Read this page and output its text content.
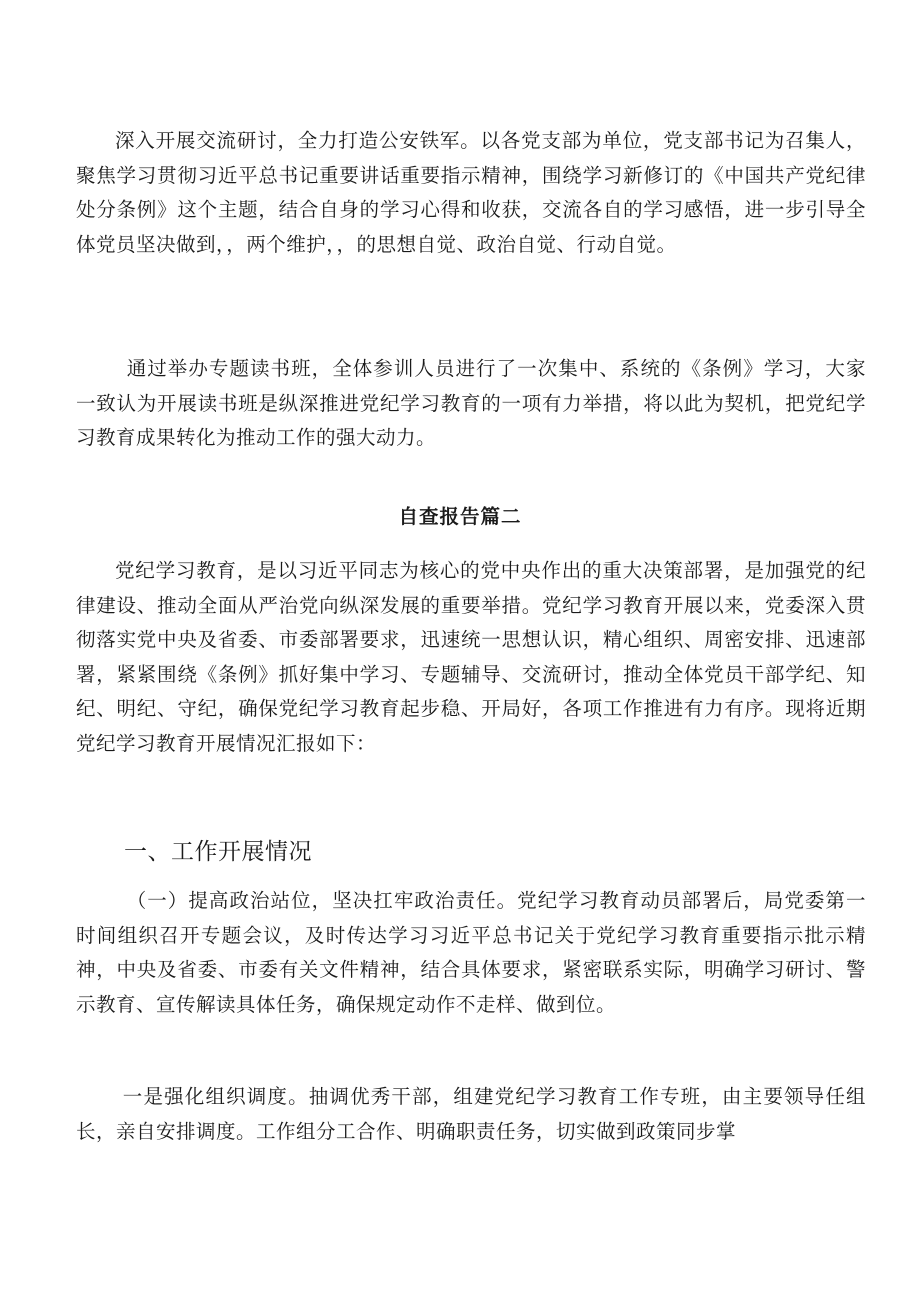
深入开展交流研讨，全力打造公安铁军。以各党支部为单位，党支部书记为召集人，聚焦学习贯彻习近平总书记重要讲话重要指示精神，围绕学习新修订的《中国共产党纪律处分条例》这个主题，结合自身的学习心得和收获，交流各自的学习感悟，进一步引导全体党员坚决做到，，两个维护，，的思想自觉、政治自觉、行动自觉。

通过举办专题读书班，全体参训人员进行了一次集中、系统的《条例》学习，大家一致认为开展读书班是纵深推进党纪学习教育的一项有力举措，将以此为契机，把党纪学习教育成果转化为推动工作的强大动力。

自查报告篇二

党纪学习教育，是以习近平同志为核心的党中央作出的重大决策部署，是加强党的纪律建设、推动全面从严治党向纵深发展的重要举措。党纪学习教育开展以来，党委深入贯彻落实党中央及省委、市委部署要求，迅速统一思想认识，精心组织、周密安排、迅速部署，紧紧围绕《条例》抓好集中学习、专题辅导、交流研讨，推动全体党员干部学纪、知纪、明纪、守纪，确保党纪学习教育起步稳、开局好，各项工作推进有力有序。现将近期党纪学习教育开展情况汇报如下：

一、工作开展情况

（一）提高政治站位，坚决扛牢政治责任。党纪学习教育动员部署后，局党委第一时间组织召开专题会议，及时传达学习习近平总书记关于党纪学习教育重要指示批示精神，中央及省委、市委有关文件精神，结合具体要求，紧密联系实际，明确学习研讨、警示教育、宣传解读具体任务，确保规定动作不走样、做到位。

一是强化组织调度。抽调优秀干部，组建党纪学习教育工作专班，由主要领导任组长，亲自安排调度。工作组分工合作、明确职责任务，切实做到政策同步掌
